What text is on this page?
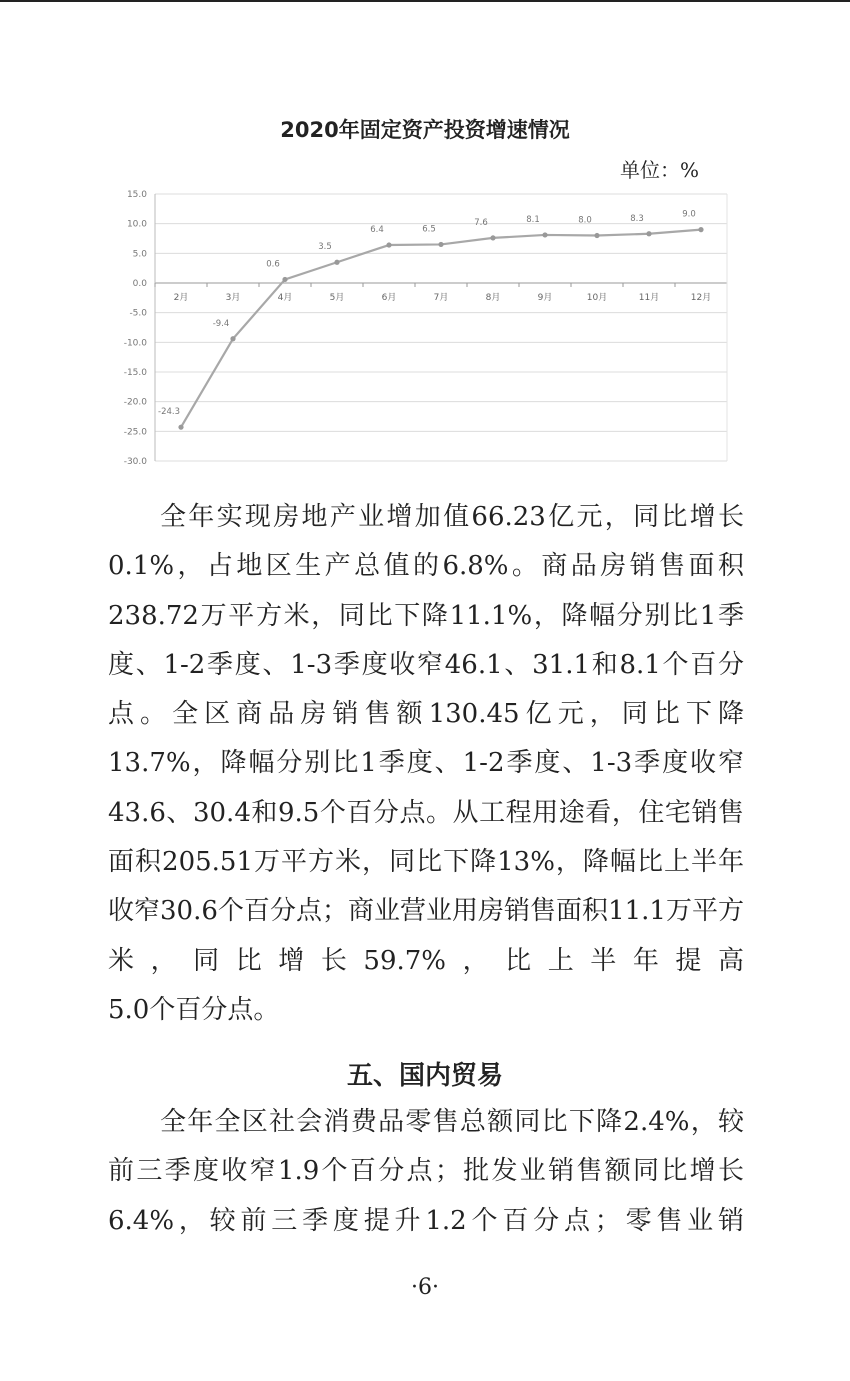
2020年固定资产投资增速情况
单位：%
15.0
10.0
5.0
0.0
-5.0
-10.0
-15.0
-20.0
-25.0
-30.0
2月	3月	4月	5月	6月	7月	8月	9月	10月	11月	12月
-24.3
-9.4
0.6
3.5
6.4	6.5
7.6	8.1	8.0	8.3	9.0
全年实现房地产业增加值66.23亿元，同比增长0.1%，占地区生产总值的6.8%。商品房销售面积238.72万平方米，同比下降11.1%，降幅分别比1季度、1-2季度、1-3季度收窄46.1、31.1和8.1个百分点。全区商品房销售额130.45亿元，同比下降13.7%，降幅分别比1季度、1-2季度、1-3季度收窄43.6、30.4和9.5个百分点。从工程用途看，住宅销售面积205.51万平方米，同比下降13%，降幅比上半年收窄30.6个百分点；商业营业用房销售面积11.1万平方米，同比增长59.7%，比上半年提高
5.0个百分点。
五、国内贸易
全年全区社会消费品零售总额同比下降2.4%，较前三季度收窄1.9个百分点；批发业销售额同比增长6.4%，较前三季度提升1.2个百分点；零售业销
·6·
